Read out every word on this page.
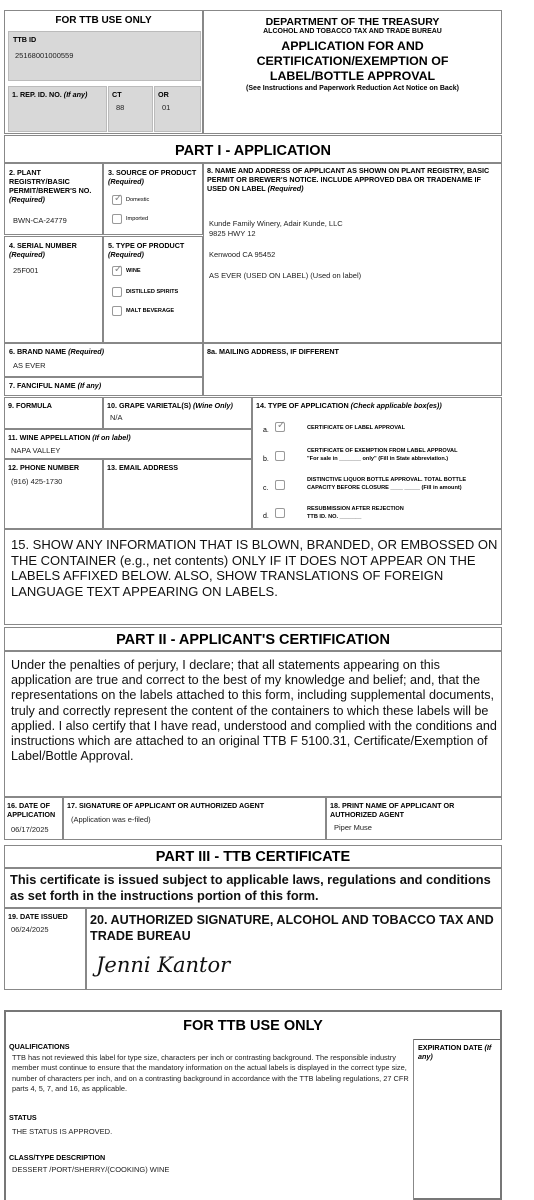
FOR TTB USE ONLY
TTB ID
25168001000559
1. REP. ID. NO. (If any)	CT
88
OR
01
DEPARTMENT OF THE TREASURY
ALCOHOL AND TOBACCO TAX AND TRADE BUREAU
APPLICATION FOR AND CERTIFICATION/EXEMPTION OF LABEL/BOTTLE APPROVAL
(See Instructions and Paperwork Reduction Act Notice on Back)
PART I - APPLICATION
2. PLANT REGISTRY/BASIC PERMIT/BREWER'S NO. (Required)
BWN-CA-24779
3. SOURCE OF PRODUCT (Required)
✓
Domestic
Imported
8. NAME AND ADDRESS OF APPLICANT AS SHOWN ON PLANT REGISTRY, BASIC PERMIT OR BREWER'S NOTICE. INCLUDE APPROVED DBA OR TRADENAME IF USED ON LABEL (Required)
Kunde Family Winery, Adair Kunde, LLC
9825 HWY 12
Kenwood CA 95452
AS EVER (USED ON LABEL) (Used on label)
4. SERIAL NUMBER
(Required)
25F001
5. TYPE OF PRODUCT
(Required)
✓
WINE
DISTILLED SPIRITS
MALT BEVERAGE
6. BRAND NAME (Required)
AS EVER
8a. MAILING ADDRESS, IF DIFFERENT
7. FANCIFUL NAME (If any)
9. FORMULA	10. GRAPE VARIETAL(S) (Wine Only)
N/A
14. TYPE OF APPLICATION (Check applicable box(es))
a.
✓	CERTIFICATE OF LABEL APPROVAL
b.
CERTIFICATE OF EXEMPTION FROM LABEL APPROVAL
"For sale in _______ only" (Fill in State abbreviation.)
c.
DISTINCTIVE LIQUOR BOTTLE APPROVAL. TOTAL BOTTLE
CAPACITY BEFORE CLOSURE ____ _____ (Fill in amount)
d.
RESUBMISSION AFTER REJECTION
TTB ID. NO. _______
11. WINE APPELLATION (If on label)
NAPA VALLEY
12. PHONE NUMBER
(916) 425-1730
13. EMAIL ADDRESS
15. SHOW ANY INFORMATION THAT IS BLOWN, BRANDED, OR EMBOSSED ON THE CONTAINER (e.g., net contents) ONLY IF IT DOES NOT APPEAR ON THE LABELS AFFIXED BELOW. ALSO, SHOW TRANSLATIONS OF FOREIGN LANGUAGE TEXT APPEARING ON LABELS.
PART II - APPLICANT'S CERTIFICATION
Under the penalties of perjury, I declare; that all statements appearing on this application are true and correct to the best of my knowledge and belief; and, that the representations on the labels attached to this form, including supplemental documents, truly and correctly represent the content of the containers to which these labels will be applied. I also certify that I have read, understood and complied with the conditions and instructions which are attached to an original TTB F 5100.31, Certificate/Exemption of Label/Bottle Approval.
16. DATE OF APPLICATION
06/17/2025
17. SIGNATURE OF APPLICANT OR AUTHORIZED AGENT
(Application was e-filed)
18. PRINT NAME OF APPLICANT OR AUTHORIZED AGENT
Piper Muse
PART III - TTB CERTIFICATE
This certificate is issued subject to applicable laws, regulations and conditions as set forth in the instructions portion of this form.
19. DATE ISSUED
06/24/2025
20. AUTHORIZED SIGNATURE, ALCOHOL AND TOBACCO TAX AND TRADE BUREAU
Jenni Kantor
FOR TTB USE ONLY
QUALIFICATIONS
TTB has not reviewed this label for type size, characters per inch or contrasting background. The responsible industry member must continue to ensure that the mandatory information on the actual labels is displayed in the correct type size, number of characters per inch, and on a contrasting background in accordance with the TTB labeling regulations, 27 CFR parts 4, 5, 7, and 16, as applicable.
STATUS
THE STATUS IS APPROVED.
CLASS/TYPE DESCRIPTION
DESSERT /PORT/SHERRY/(COOKING) WINE
EXPIRATION DATE (If any)
